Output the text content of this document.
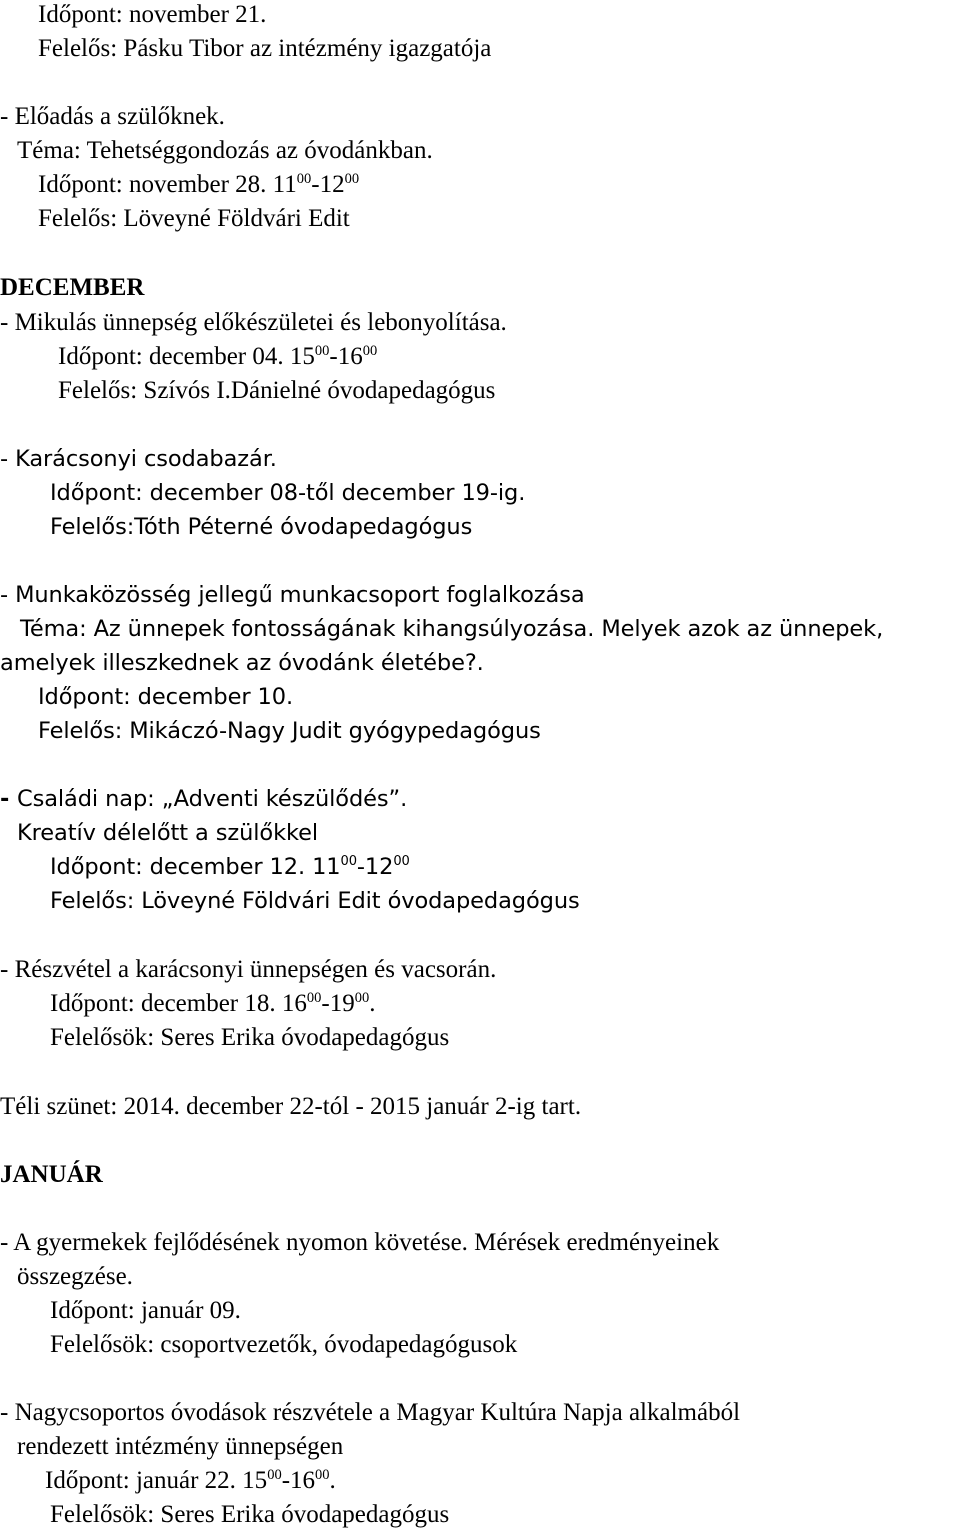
Időpont: november 21.
Felelős: Pásku Tibor az intézmény igazgatója
- Előadás a szülőknek.
Téma: Tehetséggondozás az óvodánkban.
Időpont: november 28. $11^{00}-12^{00}$
Felelős: Löveyné Földvári Edit
DECEMBER
- Mikulás ünnepség előkészületei és lebonyolítása.
Időpont: december 04. $15^{00}-16^{00}$
Felelős: Szívós I.Dánielné óvodapedagógus
- Karácsonyi csodabazár.
Időpont: december 08-től december 19-ig.
Felelős:Tóth Péterné óvodapedagógus
- Munkaközösség jellegű munkacsoport foglalkozása
Téma: Az ünnepek fontosságának kihangsúlyozása. Melyek azok az ünnepek,
amelyek illeszkednek az óvodánk életébe?.
Időpont: december 10.
Felelős: Mikáczó-Nagy Judit gyógypedagógus
- Családi nap: „Adventi készülődés”.
Kreatív délelőtt a szülőkkel
Időpont: december 12. $11^{00}-12^{00}$
Felelős: Löveyné Földvári Edit óvodapedagógus
- Részvétel a karácsonyi ünnepségen és vacsorán.
Időpont: december 18. $16^{00}-19^{00}$.
Felelősök: Seres Erika óvodapedagógus
Téli szünet: 2014. december 22-tól - 2015 január 2-ig tart.
JANUÁR
- A gyermekek fejlődésének nyomon követése. Mérések eredményeinek
összegzése.
Időpont: január 09.
Felelősök: csoportvezetők, óvodapedagógusok
- Nagycsoportos óvodások részvétele a Magyar Kultúra Napja alkalmából
rendezett intézmény ünnepségen
Időpont: január 22. $15^{00}-16^{00}$.
Felelősök: Seres Erika óvodapedagógus
